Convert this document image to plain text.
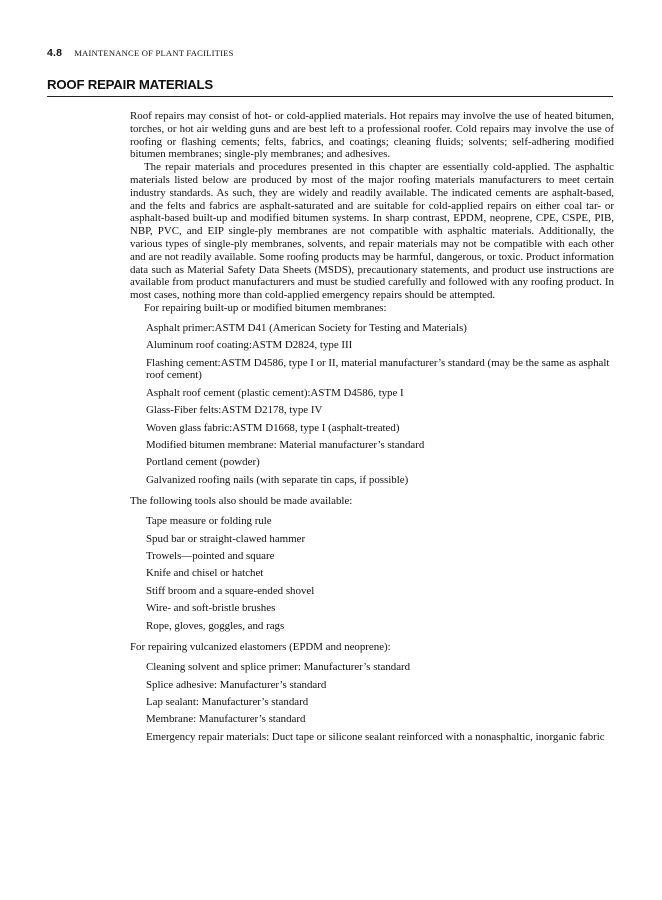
4.8 MAINTENANCE OF PLANT FACILITIES
ROOF REPAIR MATERIALS

Roof repairs may consist of hot- or cold-applied materials. Hot repairs may involve the use of heated bitumen, torches, or hot air welding guns and are best left to a professional roofer. Cold repairs may involve the use of roofing or flashing cements; felts, fabrics, and coatings; cleaning fluids; solvents; self-adhering modified bitumen membranes; single-ply membranes; and adhesives.

The repair materials and procedures presented in this chapter are essentially cold-applied. The asphaltic materials listed below are produced by most of the major roofing materials manufacturers to meet certain industry standards. As such, they are widely and readily available. The indicated cements are asphalt-based, and the felts and fabrics are asphalt-saturated and are suitable for cold-applied repairs on either coal tar- or asphalt-based built-up and modified bitumen systems. In sharp contrast, EPDM, neoprene, CPE, CSPE, PIB, NBP, PVC, and EIP single-ply membranes are not compatible with asphaltic materials. Additionally, the various types of single-ply membranes, solvents, and repair materials may not be compatible with each other and are not readily available. Some roofing products may be harmful, dangerous, or toxic. Product information data such as Material Safety Data Sheets (MSDS), precautionary statements, and product use instructions are available from product manufacturers and must be studied carefully and followed with any roofing product. In most cases, nothing more than cold-applied emergency repairs should be attempted.

For repairing built-up or modified bitumen membranes:

Asphalt primer:ASTM D41 (American Society for Testing and Materials)
Aluminum roof coating:ASTM D2824, type III
Flashing cement:ASTM D4586, type I or II, material manufacturer’s standard (may be the same as asphalt roof cement)
Asphalt roof cement (plastic cement):ASTM D4586, type I
Glass-Fiber felts:ASTM D2178, type IV
Woven glass fabric:ASTM D1668, type I (asphalt-treated)
Modified bitumen membrane: Material manufacturer’s standard
Portland cement (powder)
Galvanized roofing nails (with separate tin caps, if possible)

The following tools also should be made available:

Tape measure or folding rule
Spud bar or straight-clawed hammer
Trowels—pointed and square
Knife and chisel or hatchet
Stiff broom and a square-ended shovel
Wire- and soft-bristle brushes
Rope, gloves, goggles, and rags

For repairing vulcanized elastomers (EPDM and neoprene):

Cleaning solvent and splice primer: Manufacturer’s standard
Splice adhesive: Manufacturer’s standard
Lap sealant: Manufacturer’s standard
Membrane: Manufacturer’s standard
Emergency repair materials: Duct tape or silicone sealant reinforced with a nonasphaltic, inorganic fabric
